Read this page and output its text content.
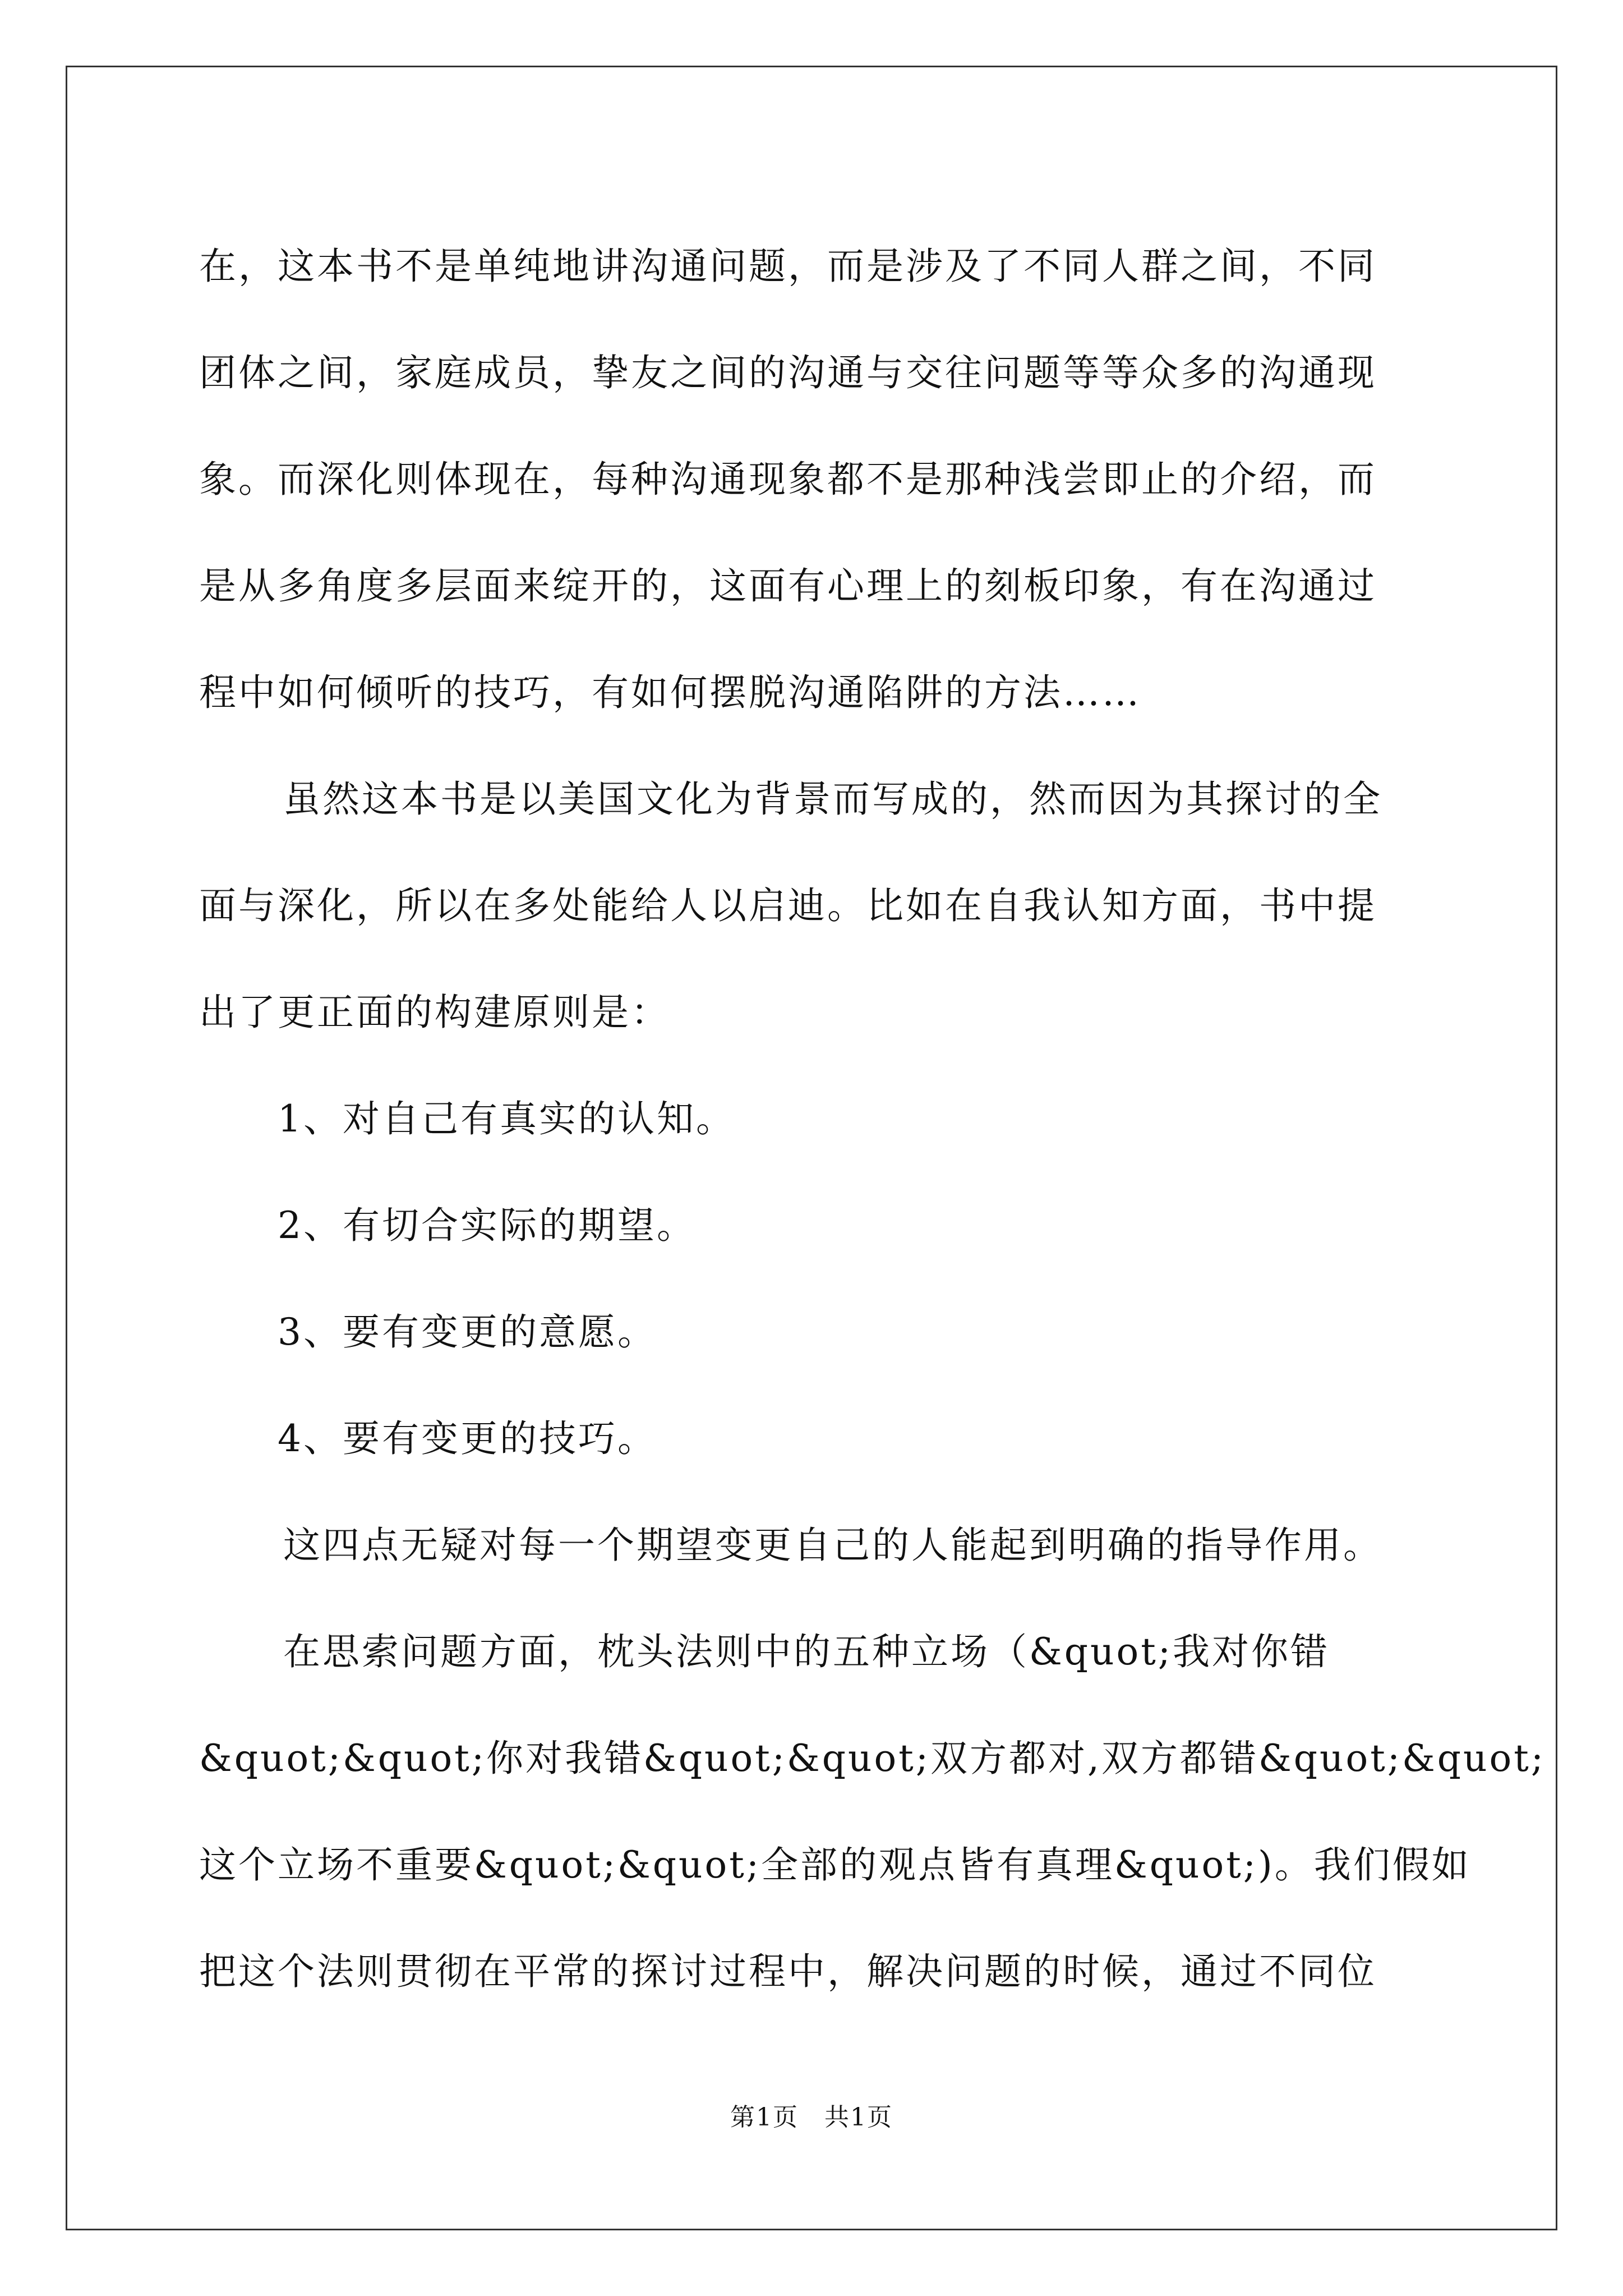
在，这本书不是单纯地讲沟通问题，而是涉及了不同人群之间，不同
团体之间，家庭成员，挚友之间的沟通与交往问题等等众多的沟通现
象。而深化则体现在，每种沟通现象都不是那种浅尝即止的介绍，而
是从多角度多层面来绽开的，这面有心理上的刻板印象，有在沟通过
程中如何倾听的技巧，有如何摆脱沟通陷阱的方法……
虽然这本书是以美国文化为背景而写成的，然而因为其探讨的全
面与深化，所以在多处能给人以启迪。比如在自我认知方面，书中提
出了更正面的构建原则是：
1、对自己有真实的认知。
2、有切合实际的期望。
3、要有变更的意愿。
4、要有变更的技巧。
这四点无疑对每一个期望变更自己的人能起到明确的指导作用。
在思索问题方面，枕头法则中的五种立场（&quot;我对你错
&quot;&quot;你对我错&quot;&quot;双方都对,双方都错&quot;&quot;
这个立场不重要&quot;&quot;全部的观点皆有真理&quot;)。我们假如
把这个法则贯彻在平常的探讨过程中，解决问题的时候，通过不同位
第1页　共1页
